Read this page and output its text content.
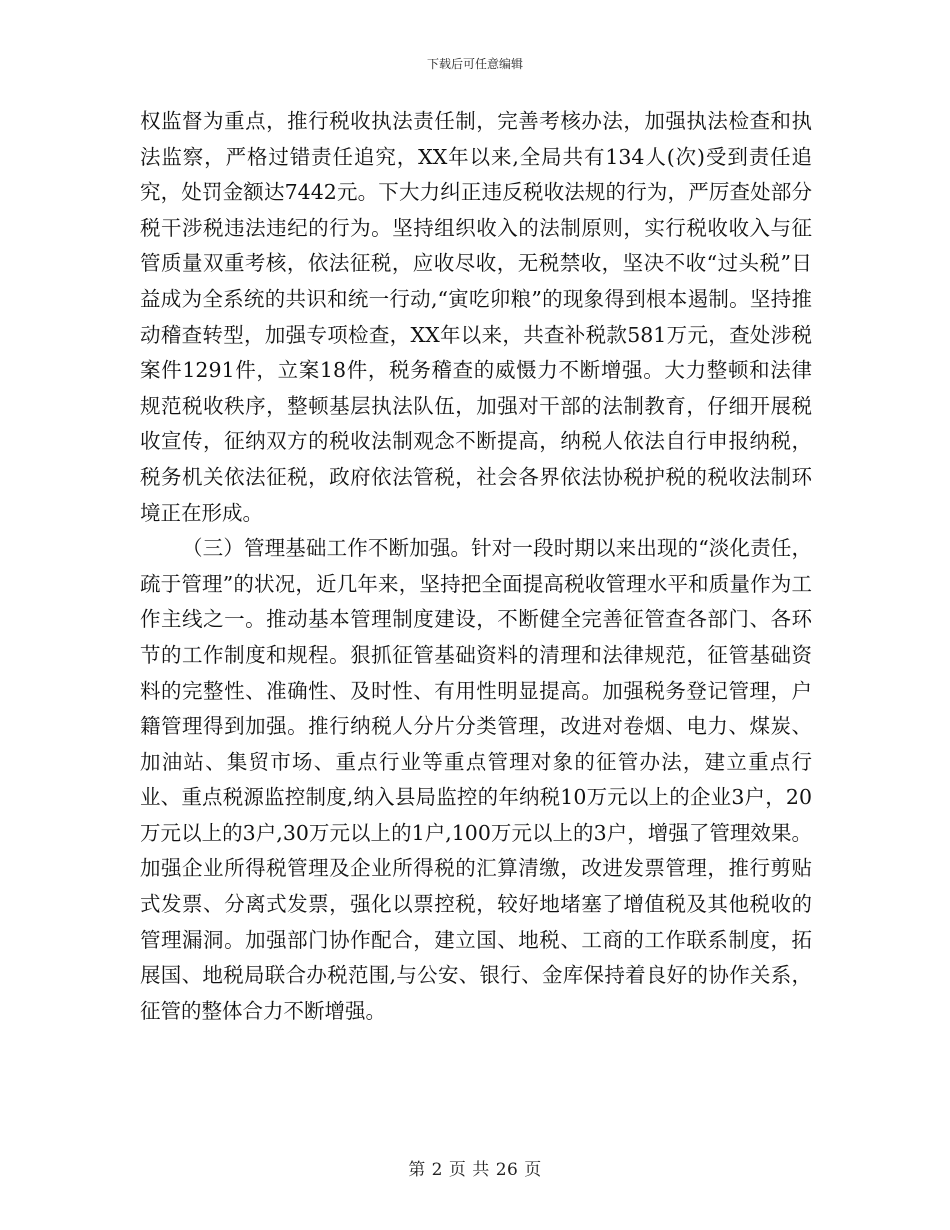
下载后可任意编辑

权监督为重点，推行税收执法责任制，完善考核办法，加强执法检查和执法监察，严格过错责任追究，XX年以来,全局共有134人(次)受到责任追究，处罚金额达7442元。下大力纠正违反税收法规的行为，严厉查处部分税干涉税违法违纪的行为。坚持组织收入的法制原则，实行税收收入与征管质量双重考核，依法征税，应收尽收，无税禁收，坚决不收“过头税”日益成为全系统的共识和统一行动,“寅吃卯粮”的现象得到根本遏制。坚持推动稽查转型，加强专项检查，XX年以来，共查补税款581万元，查处涉税案件1291件，立案18件，税务稽查的威慑力不断增强。大力整顿和法律规范税收秩序，整顿基层执法队伍，加强对干部的法制教育，仔细开展税收宣传，征纳双方的税收法制观念不断提高，纳税人依法自行申报纳税，税务机关依法征税，政府依法管税，社会各界依法协税护税的税收法制环境正在形成。

（三）管理基础工作不断加强。针对一段时期以来出现的“淡化责任，疏于管理”的状况，近几年来，坚持把全面提高税收管理水平和质量作为工作主线之一。推动基本管理制度建设，不断健全完善征管查各部门、各环节的工作制度和规程。狠抓征管基础资料的清理和法律规范，征管基础资料的完整性、准确性、及时性、有用性明显提高。加强税务登记管理，户籍管理得到加强。推行纳税人分片分类管理，改进对卷烟、电力、煤炭、加油站、集贸市场、重点行业等重点管理对象的征管办法，建立重点行业、重点税源监控制度,纳入县局监控的年纳税10万元以上的企业3户，20万元以上的3户,30万元以上的1户,100万元以上的3户，增强了管理效果。加强企业所得税管理及企业所得税的汇算清缴，改进发票管理，推行剪贴式发票、分离式发票，强化以票控税，较好地堵塞了增值税及其他税收的管理漏洞。加强部门协作配合，建立国、地税、工商的工作联系制度，拓展国、地税局联合办税范围,与公安、银行、金库保持着良好的协作关系，征管的整体合力不断增强。

第 2 页 共 26 页
